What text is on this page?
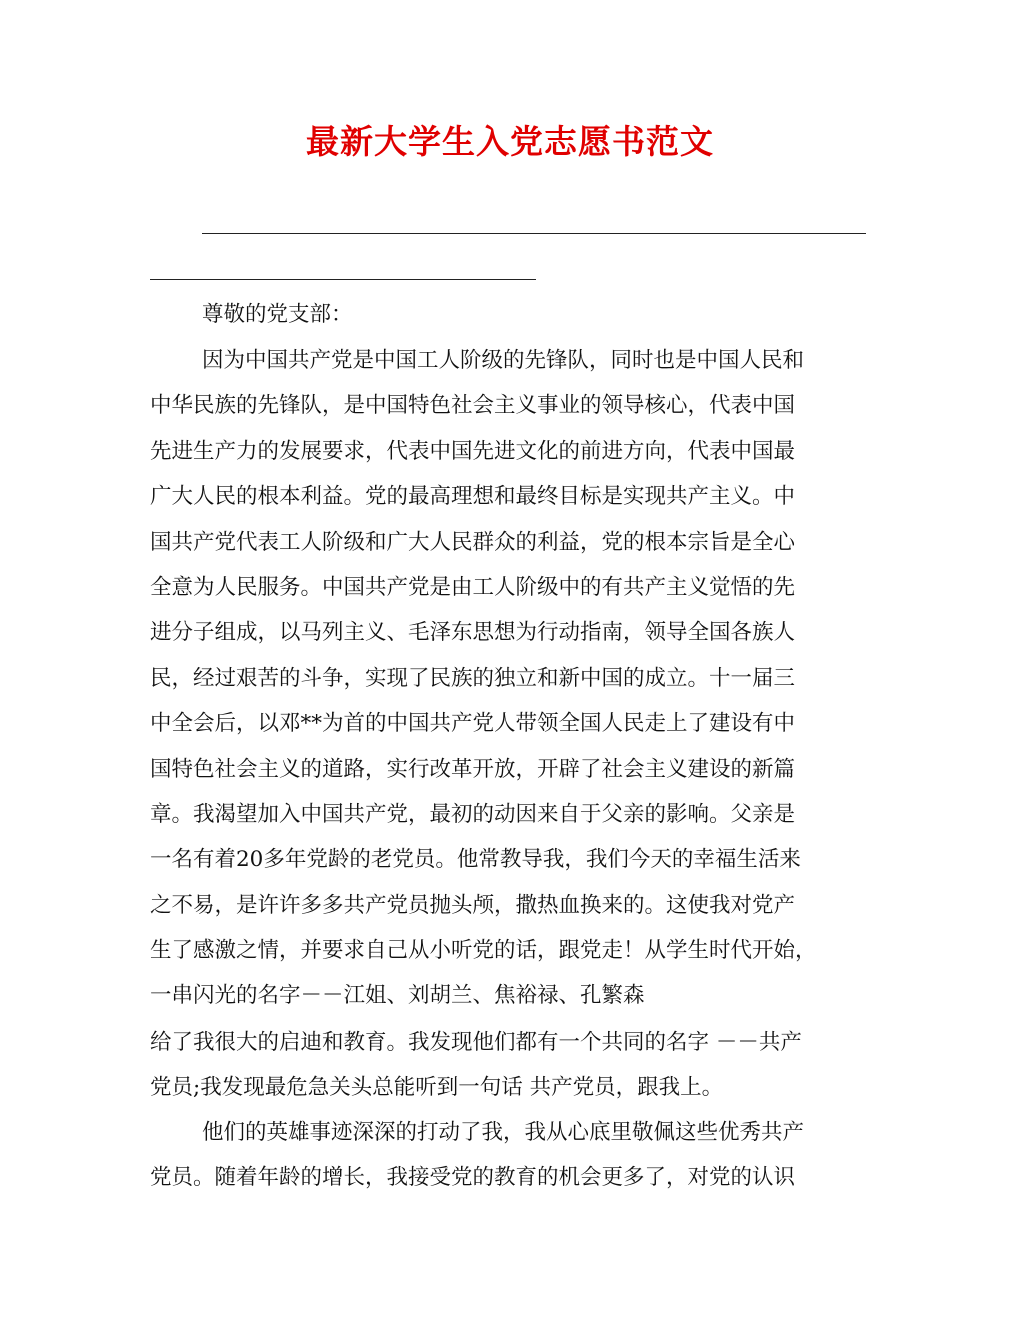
最新大学生入党志愿书范文
尊敬的党支部：
因为中国共产党是中国工人阶级的先锋队，同时也是中国人民和
中华民族的先锋队，是中国特色社会主义事业的领导核心，代表中国
先进生产力的发展要求，代表中国先进文化的前进方向，代表中国最
广大人民的根本利益。党的最高理想和最终目标是实现共产主义。中
国共产党代表工人阶级和广大人民群众的利益，党的根本宗旨是全心
全意为人民服务。中国共产党是由工人阶级中的有共产主义觉悟的先
进分子组成，以马列主义、毛泽东思想为行动指南，领导全国各族人
民，经过艰苦的斗争，实现了民族的独立和新中国的成立。十一届三
中全会后，以邓**为首的中国共产党人带领全国人民走上了建设有中
国特色社会主义的道路，实行改革开放，开辟了社会主义建设的新篇
章。我渴望加入中国共产党，最初的动因来自于父亲的影响。父亲是
一名有着20多年党龄的老党员。他常教导我，我们今天的幸福生活来
之不易，是许许多多共产党员抛头颅，撒热血换来的。这使我对党产
生了感激之情，并要求自己从小听党的话，跟党走！从学生时代开始，
一串闪光的名字－－江姐、刘胡兰、焦裕禄、孔繁森
给了我很大的启迪和教育。我发现他们都有一个共同的名字 －－共产
党员;我发现最危急关头总能听到一句话 共产党员，跟我上。
他们的英雄事迹深深的打动了我，我从心底里敬佩这些优秀共产
党员。随着年龄的增长，我接受党的教育的机会更多了，对党的认识
